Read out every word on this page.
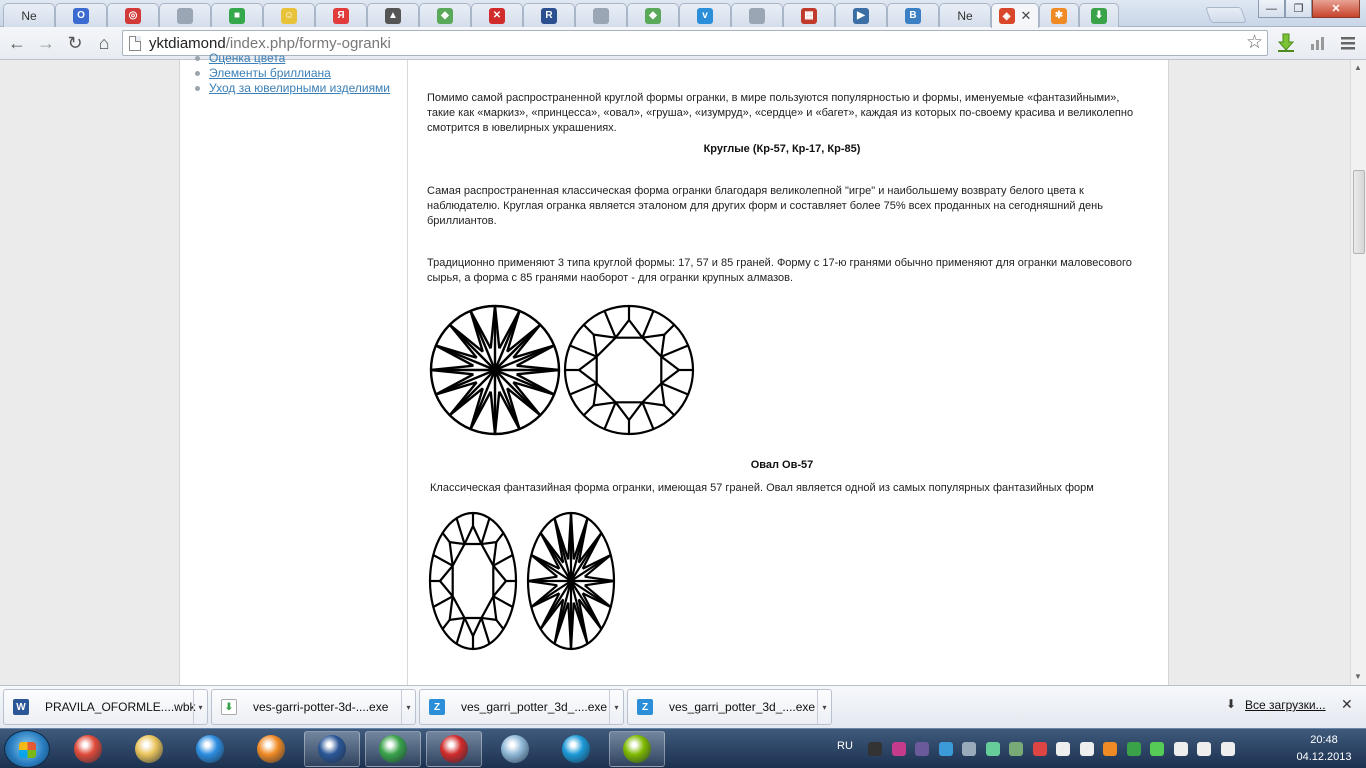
Ne	O	◎	■	☺	Я	▲	◆	✕	R	◆	v	▦	▶	B	Ne	◈ ✕	✱	⬇
—	❐	✕
← → ↻ ⌂	yktdiamond/index.php/formy-ogranki	☆
Оценка цвета
Элементы бриллиана
Уход за ювелирными изделиями
Помимо самой распространенной круглой формы огранки, в мире пользуются популярностью и формы, именуемые «фантазийными», такие как «маркиз», «принцесса», «овал», «груша», «изумруд», «сердце» и «багет», каждая из которых по-своему красива и великолепно смотрится в ювелирных украшениях.
Круглые (Кр-57, Кр-17, Кр-85)
Самая распространенная классическая форма огранки благодаря великолепной "игре" и наибольшему возврату белого цвета к наблюдателю. Круглая огранка является эталоном для других форм и составляет более 75% всех проданных на сегодняшний день бриллиантов.
Традиционно применяют 3 типа круглой формы: 17, 57 и 85 граней. Форму с 17-ю гранями обычно применяют для огранки маловесового сырья, а форма с 85 гранями наоборот - для огранки крупных алмазов.
Овал Ов-57
Классическая фантазийная форма огранки, имеющая 57 граней. Овал является одной из самых популярных фантазийных форм
▲
▼
W PRAVILA_OFORMLE....wbk ▾	⬇	ves-garri-potter-3d-....exe	▾	Z	ves_garri_potter_3d_....exe ▾	Z	ves_garri_potter_3d_....exe ▾	⬇ Все загрузки... ✕
RU	20:48
04.12.2013
